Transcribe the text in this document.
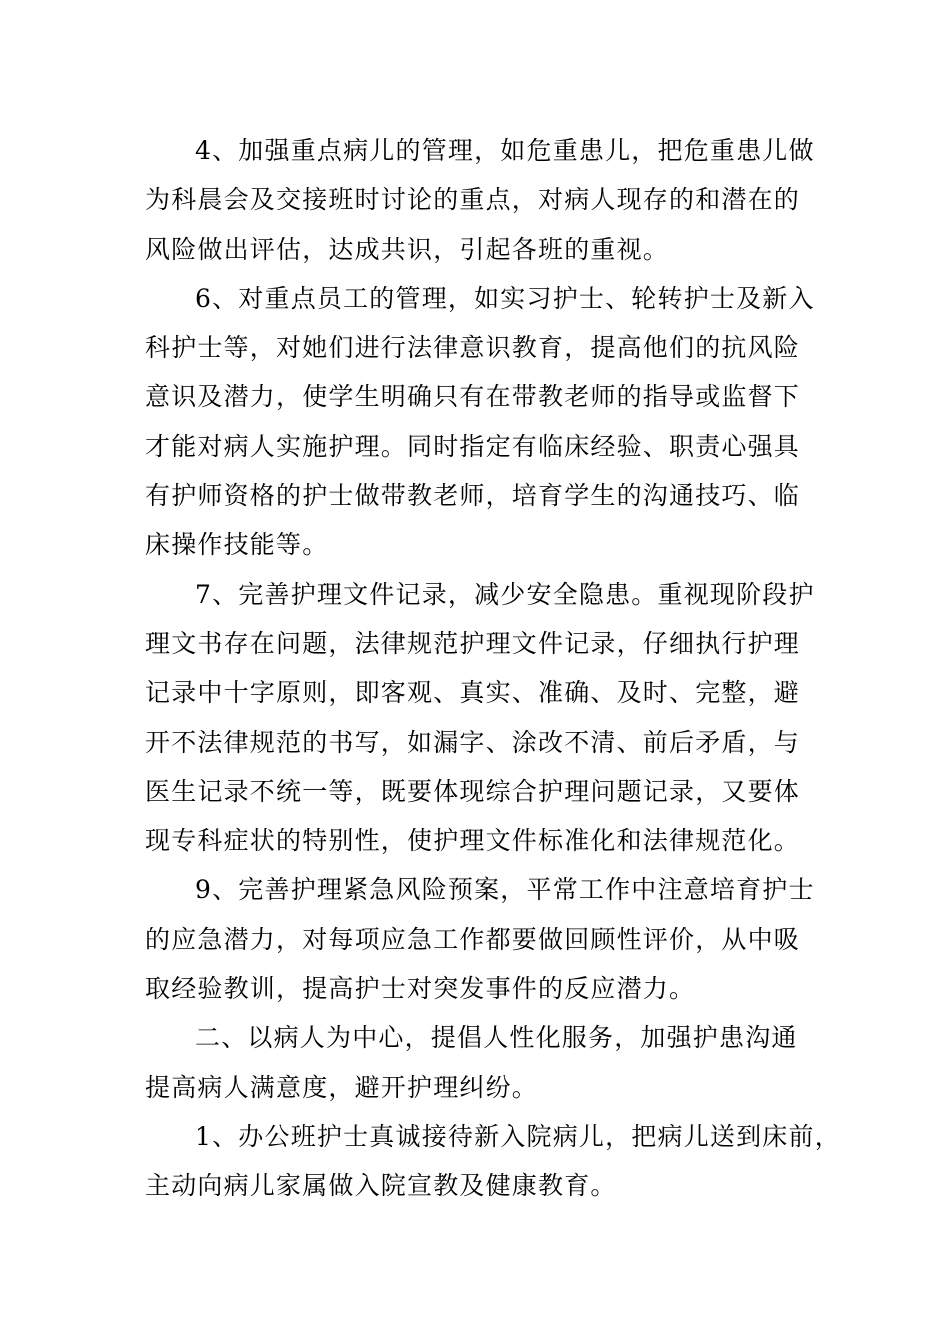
4、加强重点病儿的管理，如危重患儿，把危重患儿做
为科晨会及交接班时讨论的重点，对病人现存的和潜在的
风险做出评估，达成共识，引起各班的重视。

6、对重点员工的管理，如实习护士、轮转护士及新入
科护士等，对她们进行法律意识教育，提高他们的抗风险
意识及潜力，使学生明确只有在带教老师的指导或监督下
才能对病人实施护理。同时指定有临床经验、职责心强具
有护师资格的护士做带教老师，培育学生的沟通技巧、临
床操作技能等。

7、完善护理文件记录，减少安全隐患。重视现阶段护
理文书存在问题，法律规范护理文件记录，仔细执行护理
记录中十字原则，即客观、真实、准确、及时、完整，避
开不法律规范的书写，如漏字、涂改不清、前后矛盾，与
医生记录不统一等，既要体现综合护理问题记录，又要体
现专科症状的特别性，使护理文件标准化和法律规范化。

9、完善护理紧急风险预案，平常工作中注意培育护士
的应急潜力，对每项应急工作都要做回顾性评价，从中吸
取经验教训，提高护士对突发事件的反应潜力。

二、以病人为中心，提倡人性化服务，加强护患沟通
提高病人满意度，避开护理纠纷。

1、办公班护士真诚接待新入院病儿，把病儿送到床前，
主动向病儿家属做入院宣教及健康教育。
